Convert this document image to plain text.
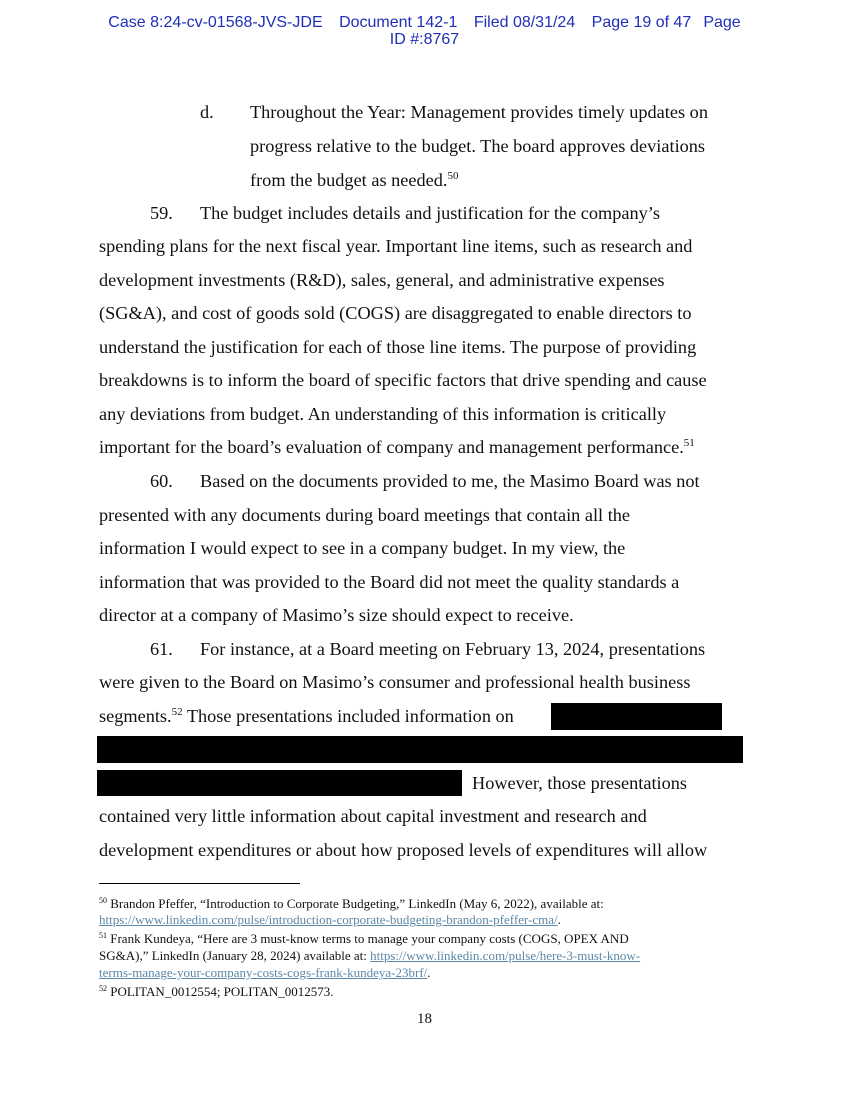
Case 8:24-cv-01568-JVS-JDE Document 142-1 Filed 08/31/24 Page 19 of 47 Page
ID #:8767
d. Throughout the Year: Management provides timely updates on
progress relative to the budget. The board approves deviations
from the budget as needed.$^{50}$
59. The budget includes details and justification for the company’s
spending plans for the next fiscal year. Important line items, such as research and
development investments (R&D), sales, general, and administrative expenses
(SG&A), and cost of goods sold (COGS) are disaggregated to enable directors to
understand the justification for each of those line items. The purpose of providing
breakdowns is to inform the board of specific factors that drive spending and cause
any deviations from budget. An understanding of this information is critically
important for the board’s evaluation of company and management performance.$^{51}$
60. Based on the documents provided to me, the Masimo Board was not
presented with any documents during board meetings that contain all the
information I would expect to see in a company budget. In my view, the
information that was provided to the Board did not meet the quality standards a
director at a company of Masimo’s size should expect to receive.
61. For instance, at a Board meeting on February 13, 2024, presentations
were given to the Board on Masimo’s consumer and professional health business
segments.$^{52}$ Those presentations included information on
However, those presentations
contained very little information about capital investment and research and
development expenditures or about how proposed levels of expenditures will allow
$^{50}$ Brandon Pfeffer, “Introduction to Corporate Budgeting,” LinkedIn (May 6, 2022), available at:
https://www.linkedin.com/pulse/introduction-corporate-budgeting-brandon-pfeffer-cma/.
$^{51}$ Frank Kundeya, “Here are 3 must-know terms to manage your company costs (COGS, OPEX AND
SG&A),” LinkedIn (January 28, 2024) available at: https://www.linkedin.com/pulse/here-3-must-know-
terms-manage-your-company-costs-cogs-frank-kundeya-23brf/.
$^{52}$ POLITAN_0012554; POLITAN_0012573.
18
